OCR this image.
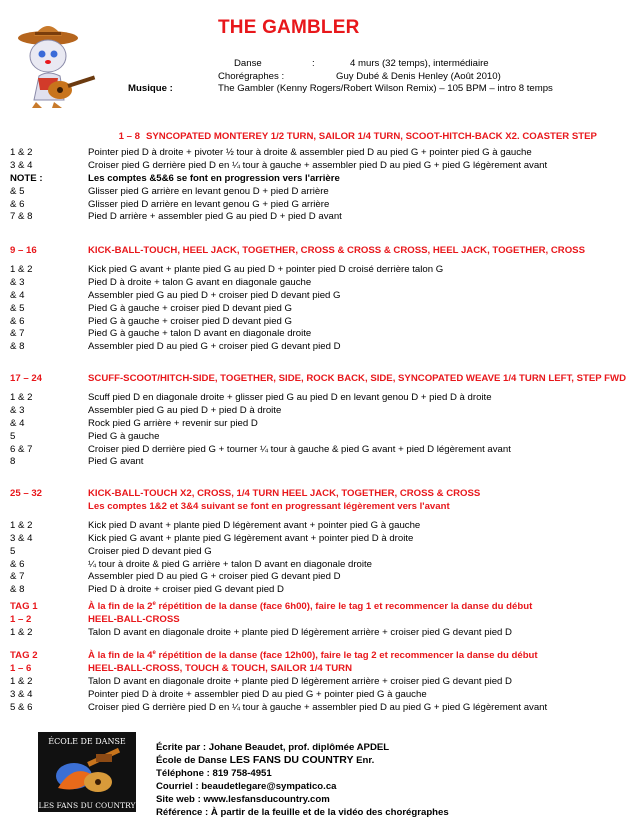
THE GAMBLER
Danse	:	4 murs (32 temps), intermédiaire
Chorégraphes :	Guy Dubé & Denis Henley (Août 2010)
Musique :	The Gambler (Kenny Rogers/Robert Wilson Remix) – 105 BPM – intro 8 temps
1 – 8 SYNCOPATED MONTEREY 1/2 TURN, SAILOR 1/4 TURN, SCOOT-HITCH-BACK X2. COASTER STEP
1 & 2	Pointer pied D à droite + pivoter ½ tour à droite & assembler pied D au pied G + pointer pied G à gauche
3 & 4	Croiser pied G derrière pied D en ¼ tour à gauche + assembler pied D au pied G + pied G légèrement avant
NOTE :	Les comptes &5&6 se font en progression vers l'arrière
& 5	Glisser pied G arrière en levant genou D + pied D arrière
& 6	Glisser pied D arrière en levant genou G + pied G arrière
7 & 8	Pied D arrière + assembler pied G au pied D + pied D avant
9 – 16	KICK-BALL-TOUCH, HEEL JACK, TOGETHER, CROSS & CROSS & CROSS, HEEL JACK, TOGETHER, CROSS
1 & 2	Kick pied G avant + plante pied G au pied D + pointer pied D croisé derrière talon G
& 3	Pied D à droite + talon G avant en diagonale gauche
& 4	Assembler pied G au pied D + croiser pied D devant pied G
& 5	Pied G à gauche + croiser pied D devant pied G
& 6	Pied G à gauche + croiser pied D devant pied G
& 7	Pied G à gauche + talon D avant en diagonale droite
& 8	Assembler pied D au pied G + croiser pied G devant pied D
17 – 24	SCUFF-SCOOT/HITCH-SIDE, TOGETHER, SIDE, ROCK BACK, SIDE, SYNCOPATED WEAVE 1/4 TURN LEFT, STEP FWD
1 & 2	Scuff pied D en diagonale droite + glisser pied G au pied D en levant genou D + pied D à droite
& 3	Assembler pied G au pied D + pied D à droite
& 4	Rock pied G arrière + revenir sur pied D
5	Pied G à gauche
6 & 7	Croiser pied D derrière pied G + tourner ¼ tour à gauche & pied G avant + pied D légèrement avant
8	Pied G avant
25 – 32	KICK-BALL-TOUCH X2, CROSS, 1/4 TURN HEEL JACK, TOGETHER, CROSS & CROSS
Les comptes 1&2 et 3&4 suivant se font en progressant légèrement vers l'avant
1 & 2	Kick pied D avant + plante pied D légèrement avant + pointer pied G à gauche
3 & 4	Kick pied G avant + plante pied G légèrement avant + pointer pied D à droite
5	Croiser pied D devant pied G
& 6	¼ tour à droite & pied G arrière + talon D avant en diagonale droite
& 7	Assembler pied D au pied G + croiser pied G devant pied D
& 8	Pied D à droite + croiser pied G devant pied D
TAG 1	À la fin de la 2e répétition de la danse (face 6h00), faire le tag 1 et recommencer la danse du début
1 – 2	HEEL-BALL-CROSS
1 & 2	Talon D avant en diagonale droite + plante pied D légèrement arrière + croiser pied G devant pied D
TAG 2	À la fin de la 4e répétition de la danse (face 12h00), faire le tag 2 et recommencer la danse du début
1 – 6	HEEL-BALL-CROSS, TOUCH & TOUCH, SAILOR 1/4 TURN
1 & 2	Talon D avant en diagonale droite + plante pied D légèrement arrière + croiser pied G devant pied D
3 & 4	Pointer pied D à droite + assembler pied D au pied G + pointer pied G à gauche
5 & 6	Croiser pied G derrière pied D en ¼ tour à gauche + assembler pied D au pied G + pied G légèrement avant
ÉCOLE DE DANSE
LES FANS DU COUNTRY
Écrite par : Johane Beaudet, prof. diplômée APDEL
École de Danse LES FANS DU COUNTRY Enr.
Téléphone : 819 758-4951
Courriel : beaudetlegare@sympatico.ca
Site web : www.lesfansducountry.com
Référence : À partir de la feuille et de la vidéo des chorégraphes
